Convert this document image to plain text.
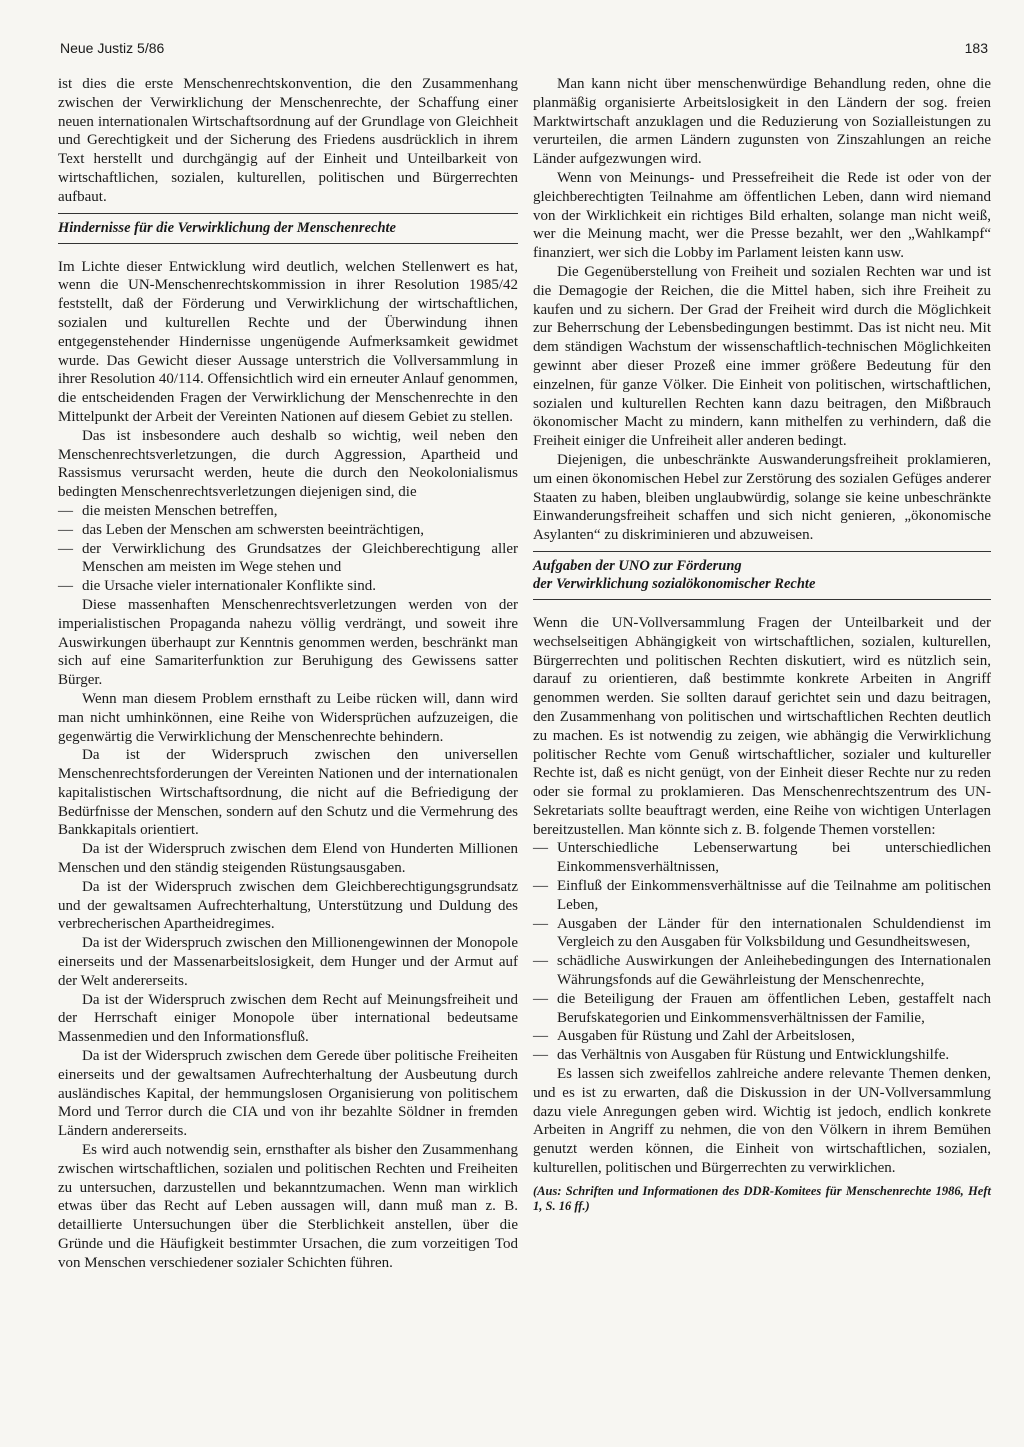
Neue Justiz 5/86	183

ist dies die erste Menschenrechtskonvention, die den Zusammenhang zwischen der Verwirklichung der Menschenrechte, der Schaffung einer neuen internationalen Wirtschaftsordnung auf der Grundlage von Gleichheit und Gerechtigkeit und der Sicherung des Friedens ausdrücklich in ihrem Text herstellt und durchgängig auf der Einheit und Unteilbarkeit von wirtschaftlichen, sozialen, kulturellen, politischen und Bürgerrechten aufbaut.

Hindernisse für die Verwirklichung der Menschenrechte

Im Lichte dieser Entwicklung wird deutlich, welchen Stellenwert es hat, wenn die UN-Menschenrechtskommission in ihrer Resolution 1985/42 feststellt, daß der Förderung und Verwirklichung der wirtschaftlichen, sozialen und kulturellen Rechte und der Überwindung ihnen entgegenstehender Hindernisse ungenügende Aufmerksamkeit gewidmet wurde. Das Gewicht dieser Aussage unterstrich die Vollversammlung in ihrer Resolution 40/114. Offensichtlich wird ein erneuter Anlauf genommen, die entscheidenden Fragen der Verwirklichung der Menschenrechte in den Mittelpunkt der Arbeit der Vereinten Nationen auf diesem Gebiet zu stellen.

Das ist insbesondere auch deshalb so wichtig, weil neben den Menschenrechtsverletzungen, die durch Aggression, Apartheid und Rassismus verursacht werden, heute die durch den Neokolonialismus bedingten Menschenrechtsverletzungen diejenigen sind, die

— die meisten Menschen betreffen,
— das Leben der Menschen am schwersten beeinträchtigen,
— der Verwirklichung des Grundsatzes der Gleichberechtigung aller Menschen am meisten im Wege stehen und
— die Ursache vieler internationaler Konflikte sind.

Diese massenhaften Menschenrechtsverletzungen werden von der imperialistischen Propaganda nahezu völlig verdrängt, und soweit ihre Auswirkungen überhaupt zur Kenntnis genommen werden, beschränkt man sich auf eine Samariterfunktion zur Beruhigung des Gewissens satter Bürger.

Wenn man diesem Problem ernsthaft zu Leibe rücken will, dann wird man nicht umhinkönnen, eine Reihe von Widersprüchen aufzuzeigen, die gegenwärtig die Verwirklichung der Menschenrechte behindern.

Da ist der Widerspruch zwischen den universellen Menschenrechtsforderungen der Vereinten Nationen und der internationalen kapitalistischen Wirtschaftsordnung, die nicht auf die Befriedigung der Bedürfnisse der Menschen, sondern auf den Schutz und die Vermehrung des Bankkapitals orientiert.

Da ist der Widerspruch zwischen dem Elend von Hunderten Millionen Menschen und den ständig steigenden Rüstungsausgaben.

Da ist der Widerspruch zwischen dem Gleichberechtigungsgrundsatz und der gewaltsamen Aufrechterhaltung, Unterstützung und Duldung des verbrecherischen Apartheidregimes.

Da ist der Widerspruch zwischen den Millionengewinnen der Monopole einerseits und der Massenarbeitslosigkeit, dem Hunger und der Armut auf der Welt andererseits.

Da ist der Widerspruch zwischen dem Recht auf Meinungsfreiheit und der Herrschaft einiger Monopole über international bedeutsame Massenmedien und den Informationsfluß.

Da ist der Widerspruch zwischen dem Gerede über politische Freiheiten einerseits und der gewaltsamen Aufrechterhaltung der Ausbeutung durch ausländisches Kapital, der hemmungslosen Organisierung von politischem Mord und Terror durch die CIA und von ihr bezahlte Söldner in fremden Ländern andererseits.

Es wird auch notwendig sein, ernsthafter als bisher den Zusammenhang zwischen wirtschaftlichen, sozialen und politischen Rechten und Freiheiten zu untersuchen, darzustellen und bekanntzumachen. Wenn man wirklich etwas über das Recht auf Leben aussagen will, dann muß man z. B. detaillierte Untersuchungen über die Sterblichkeit anstellen, über die Gründe und die Häufigkeit bestimmter Ursachen, die zum vorzeitigen Tod von Menschen verschiedener sozialer Schichten führen.

Man kann nicht über menschenwürdige Behandlung reden, ohne die planmäßig organisierte Arbeitslosigkeit in den Ländern der sog. freien Marktwirtschaft anzuklagen und die Reduzierung von Sozialleistungen zu verurteilen, die armen Ländern zugunsten von Zinszahlungen an reiche Länder aufgezwungen wird.

Wenn von Meinungs- und Pressefreiheit die Rede ist oder von der gleichberechtigten Teilnahme am öffentlichen Leben, dann wird niemand von der Wirklichkeit ein richtiges Bild erhalten, solange man nicht weiß, wer die Meinung macht, wer die Presse bezahlt, wer den „Wahlkampf“ finanziert, wer sich die Lobby im Parlament leisten kann usw.

Die Gegenüberstellung von Freiheit und sozialen Rechten war und ist die Demagogie der Reichen, die die Mittel haben, sich ihre Freiheit zu kaufen und zu sichern. Der Grad der Freiheit wird durch die Möglichkeit zur Beherrschung der Lebensbedingungen bestimmt. Das ist nicht neu. Mit dem ständigen Wachstum der wissenschaftlich-technischen Möglichkeiten gewinnt aber dieser Prozeß eine immer größere Bedeutung für den einzelnen, für ganze Völker. Die Einheit von politischen, wirtschaftlichen, sozialen und kulturellen Rechten kann dazu beitragen, den Mißbrauch ökonomischer Macht zu mindern, kann mithelfen zu verhindern, daß die Freiheit einiger die Unfreiheit aller anderen bedingt.

Diejenigen, die unbeschränkte Auswanderungsfreiheit proklamieren, um einen ökonomischen Hebel zur Zerstörung des sozialen Gefüges anderer Staaten zu haben, bleiben unglaubwürdig, solange sie keine unbeschränkte Einwanderungsfreiheit schaffen und sich nicht genieren, „ökonomische Asylanten“ zu diskriminieren und abzuweisen.

Aufgaben der UNO zur Förderung
der Verwirklichung sozialökonomischer Rechte

Wenn die UN-Vollversammlung Fragen der Unteilbarkeit und der wechselseitigen Abhängigkeit von wirtschaftlichen, sozialen, kulturellen, Bürgerrechten und politischen Rechten diskutiert, wird es nützlich sein, darauf zu orientieren, daß bestimmte konkrete Arbeiten in Angriff genommen werden. Sie sollten darauf gerichtet sein und dazu beitragen, den Zusammenhang von politischen und wirtschaftlichen Rechten deutlich zu machen. Es ist notwendig zu zeigen, wie abhängig die Verwirklichung politischer Rechte vom Genuß wirtschaftlicher, sozialer und kultureller Rechte ist, daß es nicht genügt, von der Einheit dieser Rechte nur zu reden oder sie formal zu proklamieren. Das Menschenrechtszentrum des UN-Sekretariats sollte beauftragt werden, eine Reihe von wichtigen Unterlagen bereitzustellen. Man könnte sich z. B. folgende Themen vorstellen:

— Unterschiedliche Lebenserwartung bei unterschiedlichen Einkommensverhältnissen,
— Einfluß der Einkommensverhältnisse auf die Teilnahme am politischen Leben,
— Ausgaben der Länder für den internationalen Schuldendienst im Vergleich zu den Ausgaben für Volksbildung und Gesundheitswesen,
— schädliche Auswirkungen der Anleihebedingungen des Internationalen Währungsfonds auf die Gewährleistung der Menschenrechte,
— die Beteiligung der Frauen am öffentlichen Leben, gestaffelt nach Berufskategorien und Einkommensverhältnissen der Familie,
— Ausgaben für Rüstung und Zahl der Arbeitslosen,
— das Verhältnis von Ausgaben für Rüstung und Entwicklungshilfe.

Es lassen sich zweifellos zahlreiche andere relevante Themen denken, und es ist zu erwarten, daß die Diskussion in der UN-Vollversammlung dazu viele Anregungen geben wird. Wichtig ist jedoch, endlich konkrete Arbeiten in Angriff zu nehmen, die von den Völkern in ihrem Bemühen genutzt werden können, die Einheit von wirtschaftlichen, sozialen, kulturellen, politischen und Bürgerrechten zu verwirklichen.

(Aus: Schriften und Informationen des DDR-Komitees für Menschenrechte 1986, Heft 1, S. 16 ff.)
